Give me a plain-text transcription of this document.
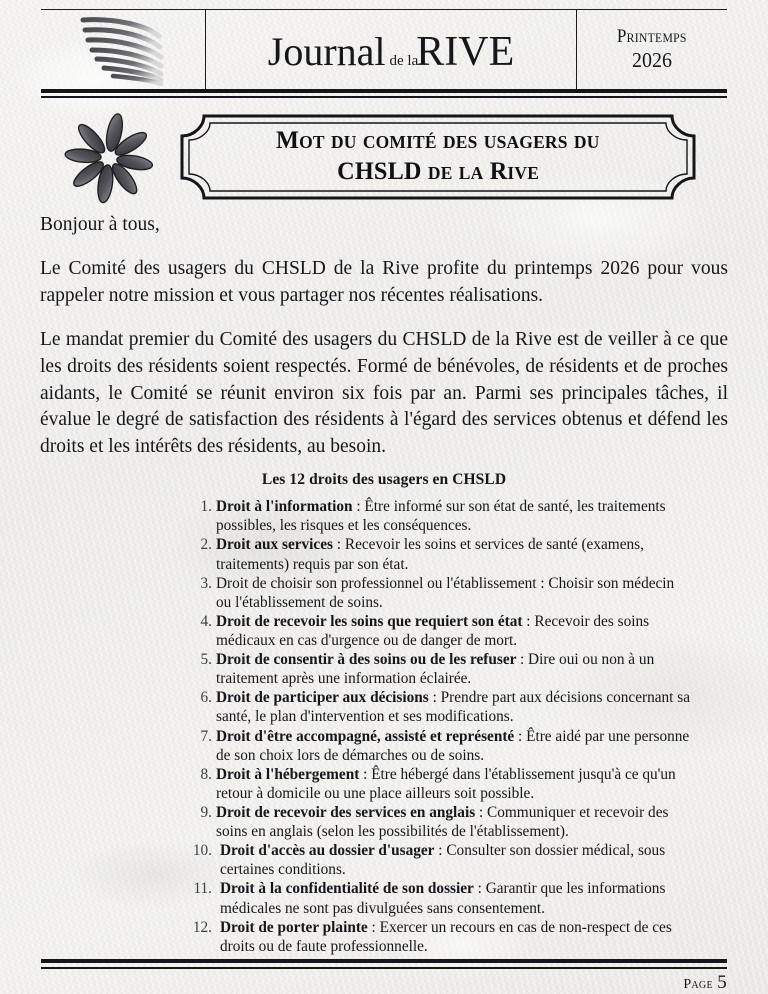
Journal de la
RIVE	Printemps
2026
Mot du comité des usagers du
CHSLD de la Rive

Bonjour à tous,

Le Comité des usagers du CHSLD de la Rive profite du printemps 2026 pour vous rappeler notre mission et vous partager nos récentes réalisations.

Le mandat premier du Comité des usagers du CHSLD de la Rive est de veiller à ce que les droits des résidents soient respectés. Formé de bénévoles, de résidents et de proches aidants, le Comité se réunit environ six fois par an. Parmi ses principales tâches, il évalue le degré de satisfaction des résidents à l'égard des services obtenus et défend les droits et les intérêts des résidents, au besoin.

Les 12 droits des usagers en CHSLD
1. Droit à l'information : Être informé sur son état de santé, les traitements possibles, les risques et les conséquences.
2. Droit aux services : Recevoir les soins et services de santé (examens, traitements) requis par son état.
3. Droit de choisir son professionnel ou l'établissement : Choisir son médecin ou l'établissement de soins.
4. Droit de recevoir les soins que requiert son état : Recevoir des soins médicaux en cas d'urgence ou de danger de mort.
5. Droit de consentir à des soins ou de les refuser : Dire oui ou non à un traitement après une information éclairée.
6. Droit de participer aux décisions : Prendre part aux décisions concernant sa santé, le plan d'intervention et ses modifications.
7. Droit d'être accompagné, assisté et représenté : Être aidé par une personne de son choix lors de démarches ou de soins.
8. Droit à l'hébergement : Être hébergé dans l'établissement jusqu'à ce qu'un retour à domicile ou une place ailleurs soit possible.
9. Droit de recevoir des services en anglais : Communiquer et recevoir des soins en anglais (selon les possibilités de l'établissement).
10. Droit d'accès au dossier d'usager : Consulter son dossier médical, sous certaines conditions.
11. Droit à la confidentialité de son dossier : Garantir que les informations médicales ne sont pas divulguées sans consentement.
12. Droit de porter plainte : Exercer un recours en cas de non-respect de ces droits ou de faute professionnelle.
Page 5
